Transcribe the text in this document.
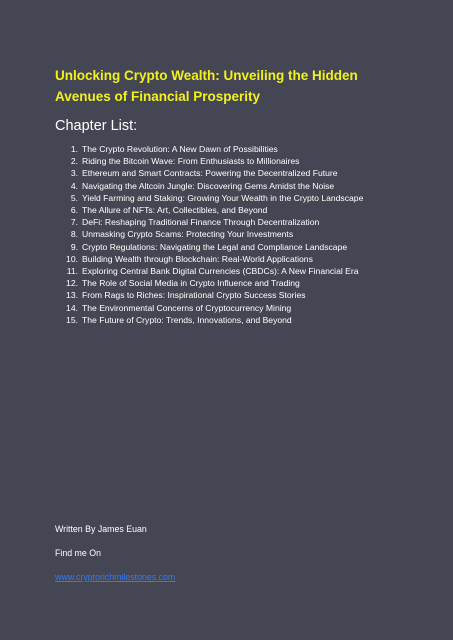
Unlocking Crypto Wealth: Unveiling the Hidden
Avenues of Financial Prosperity
Chapter List:
1. The Crypto Revolution: A New Dawn of Possibilities
2. Riding the Bitcoin Wave: From Enthusiasts to Millionaires
3. Ethereum and Smart Contracts: Powering the Decentralized Future
4. Navigating the Altcoin Jungle: Discovering Gems Amidst the Noise
5. Yield Farming and Staking: Growing Your Wealth in the Crypto Landscape
6. The Allure of NFTs: Art, Collectibles, and Beyond
7. DeFi: Reshaping Traditional Finance Through Decentralization
8. Unmasking Crypto Scams: Protecting Your Investments
9. Crypto Regulations: Navigating the Legal and Compliance Landscape
10. Building Wealth through Blockchain: Real-World Applications
11. Exploring Central Bank Digital Currencies (CBDCs): A New Financial Era
12. The Role of Social Media in Crypto Influence and Trading
13. From Rags to Riches: Inspirational Crypto Success Stories
14. The Environmental Concerns of Cryptocurrency Mining
15. The Future of Crypto: Trends, Innovations, and Beyond
Written By James Euan
Find me On
www.cryptorichmilestones.com
